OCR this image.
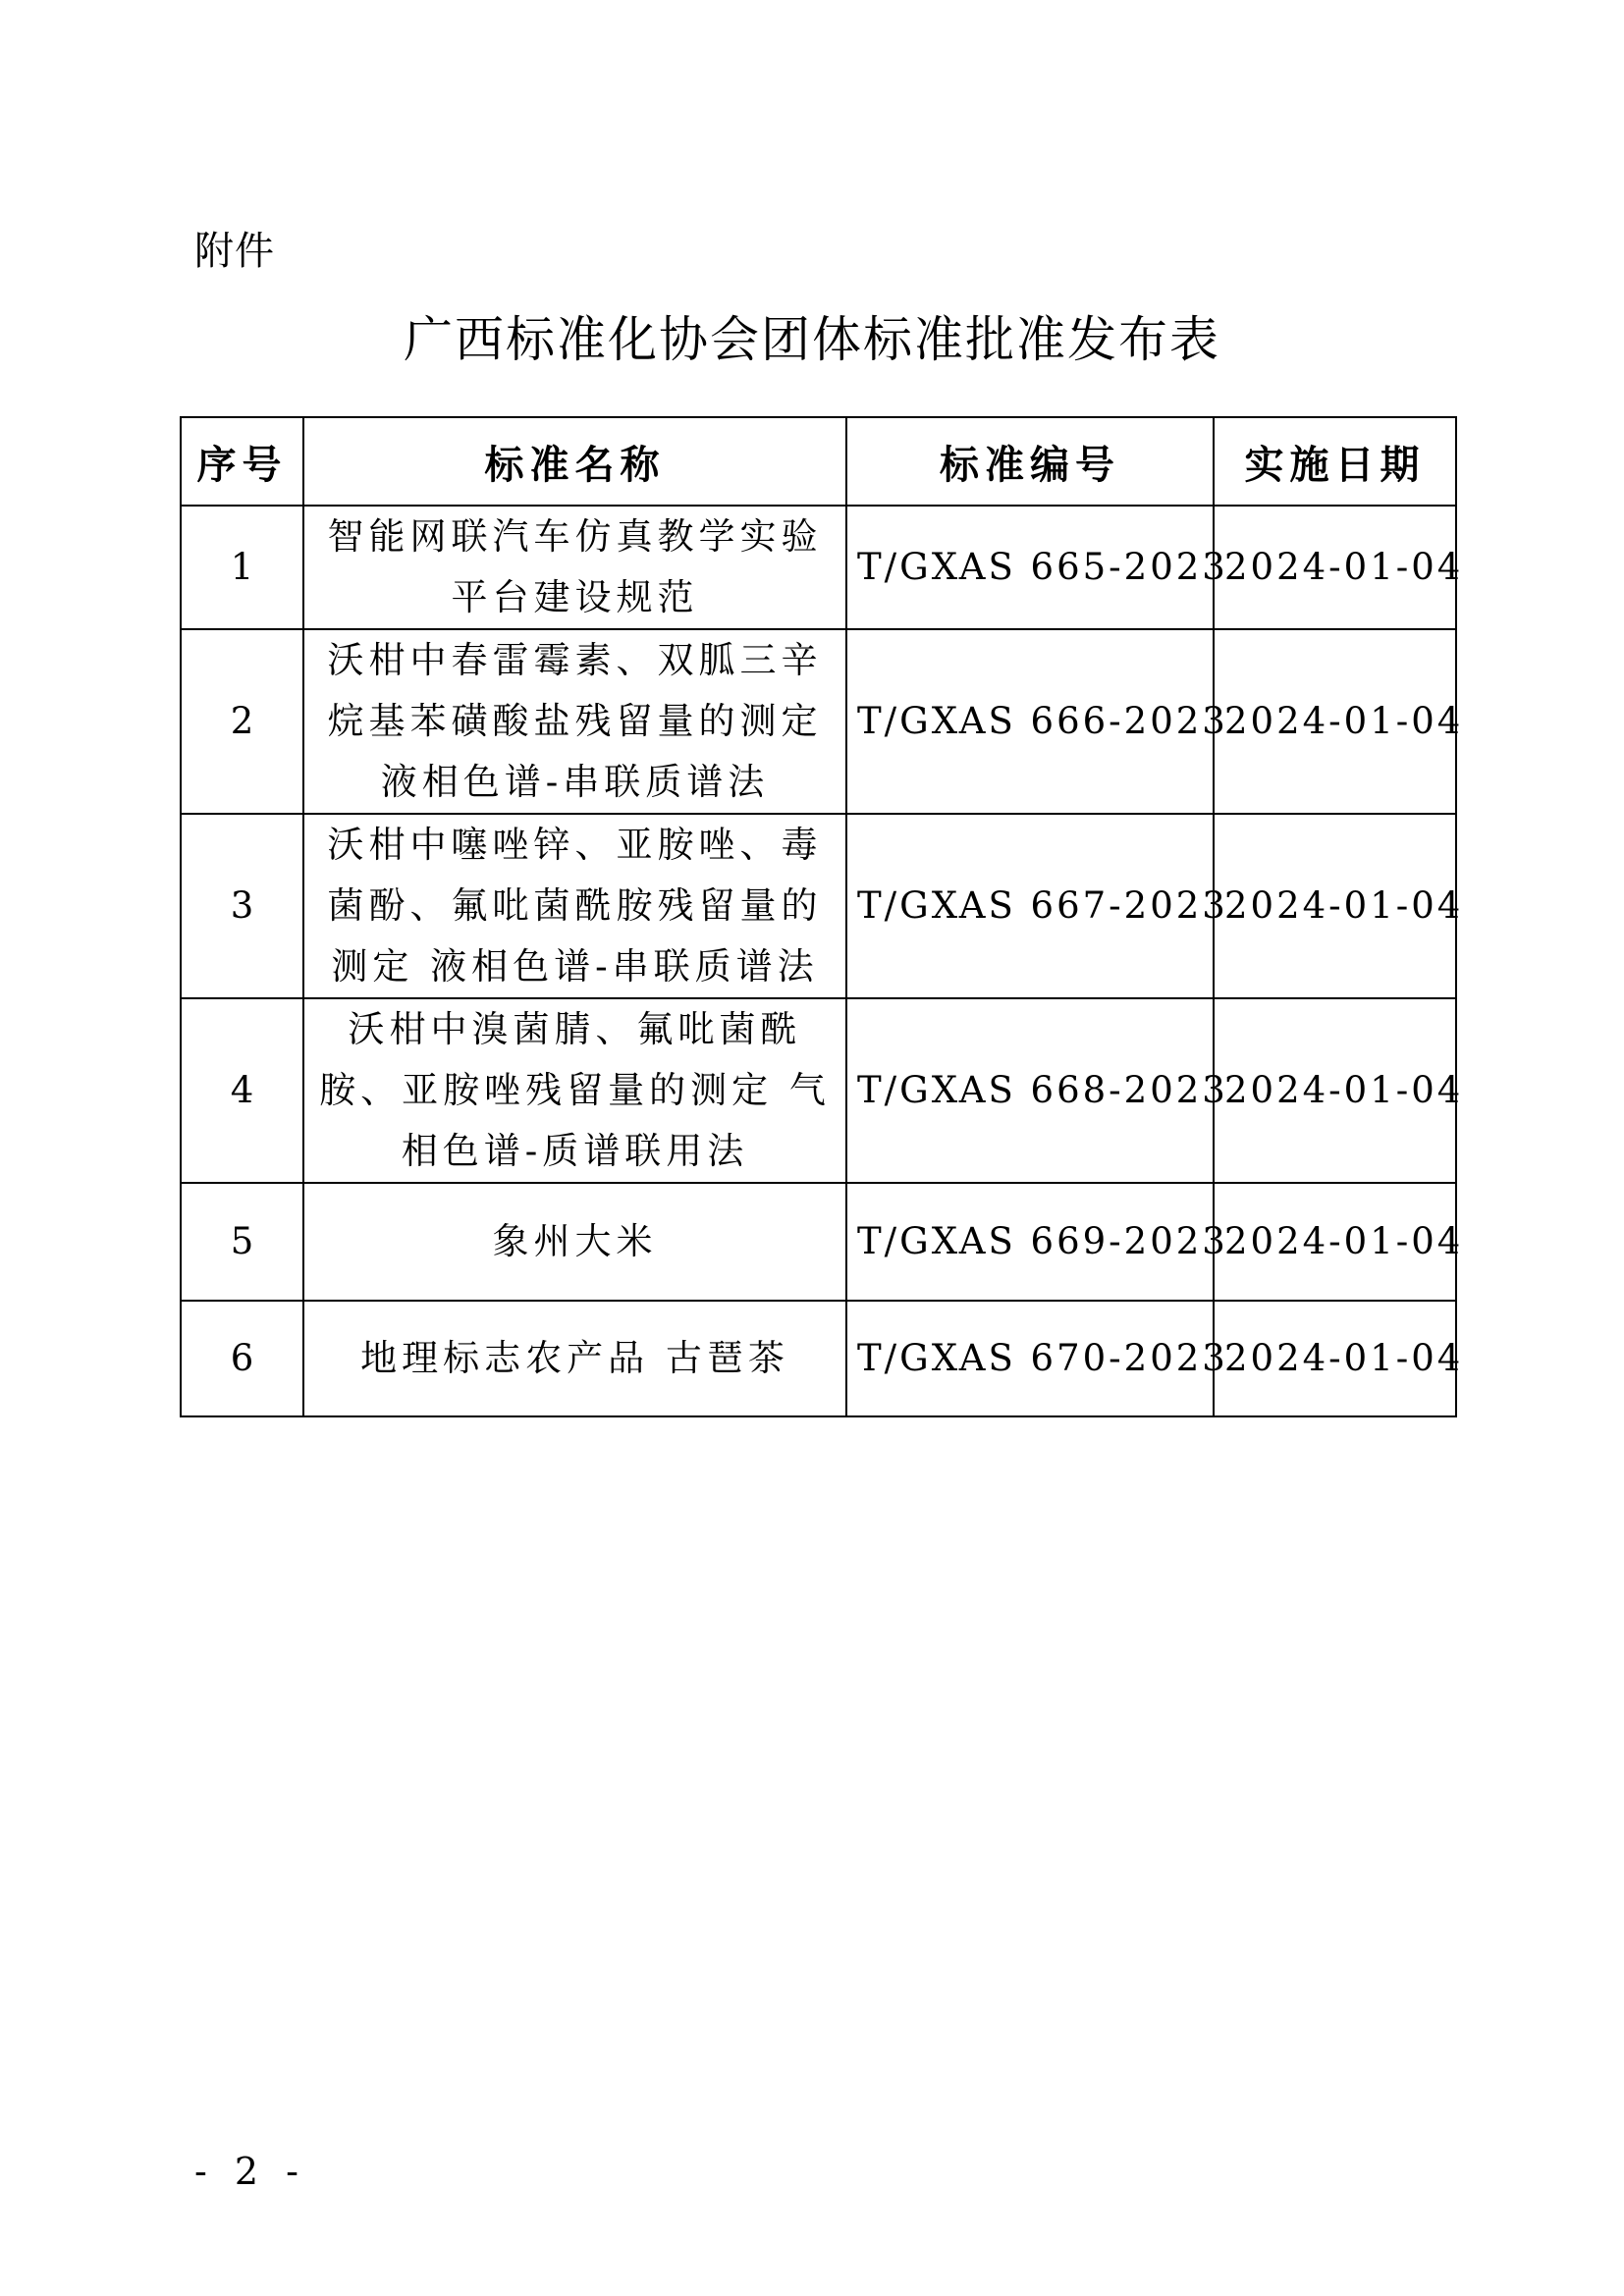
附件
广西标准化协会团体标准批准发布表
序号	标准名称	标准编号	实施日期
1	智能网联汽车仿真教学实验平台建设规范	T/GXAS 665-2023	2024-01-04
2	沃柑中春雷霉素、双胍三辛烷基苯磺酸盐残留量的测定 液相色谱-串联质谱法	T/GXAS 666-2023	2024-01-04
3	沃柑中噻唑锌、亚胺唑、毒菌酚、氟吡菌酰胺残留量的测定 液相色谱-串联质谱法	T/GXAS 667-2023	2024-01-04
4	沃柑中溴菌腈、氟吡菌酰胺、亚胺唑残留量的测定 气相色谱-质谱联用法	T/GXAS 668-2023	2024-01-04
5	象州大米	T/GXAS 669-2023	2024-01-04
6	地理标志农产品 古琶茶	T/GXAS 670-2023	2024-01-04
- 2 -
